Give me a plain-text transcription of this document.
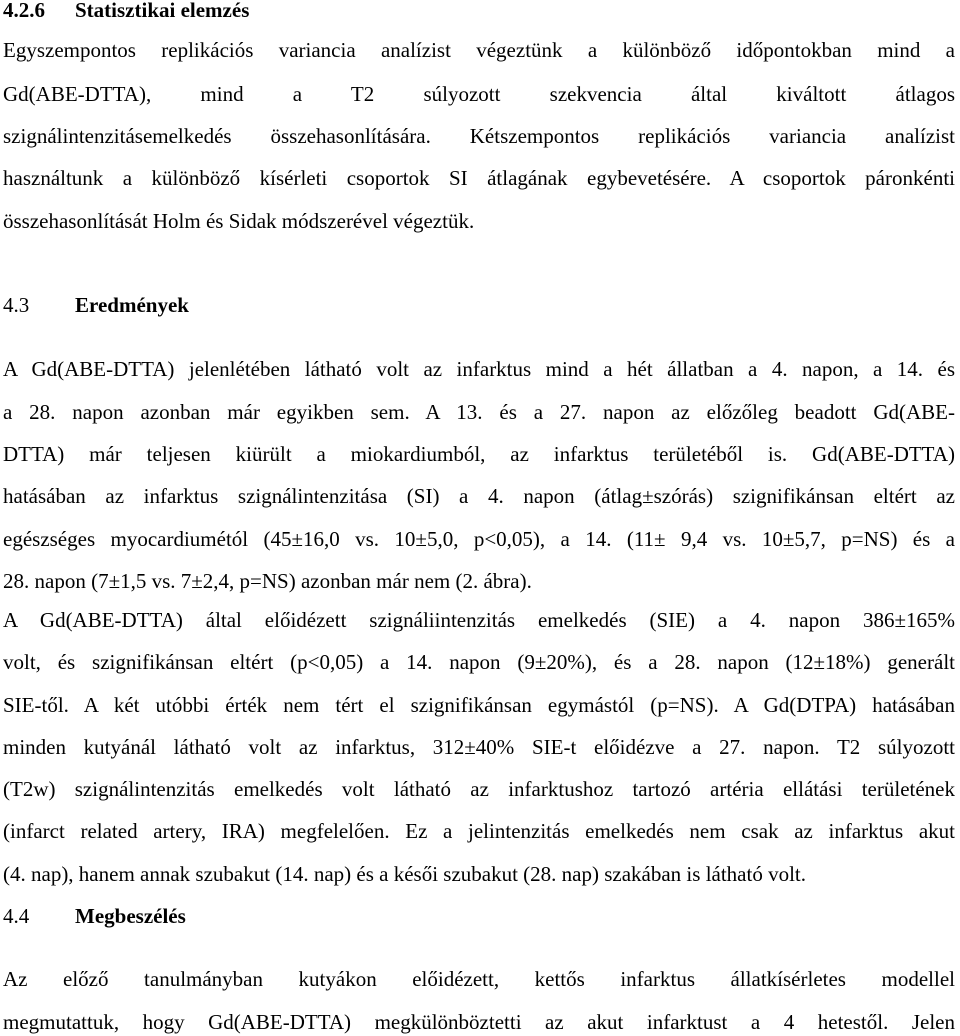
4.2.6 Statisztikai elemzés
Egyszempontos replikációs variancia analízist végeztünk a különböző időpontokban mind a
Gd(ABE-DTTA), mind a T2 súlyozott szekvencia által kiváltott átlagos
szignálintenzitásemelkedés összehasonlítására. Kétszempontos replikációs variancia analízist
használtunk a különböző kísérleti csoportok SI átlagának egybevetésére. A csoportok páronkénti
összehasonlítását Holm és Sidak módszerével végeztük.
4.3 Eredmények
A Gd(ABE-DTTA) jelenlétében látható volt az infarktus mind a hét állatban a 4. napon, a 14. és
a 28. napon azonban már egyikben sem. A 13. és a 27. napon az előzőleg beadott Gd(ABE-
DTTA) már teljesen kiürült a miokardiumból, az infarktus területéből is. Gd(ABE-DTTA)
hatásában az infarktus szignálintenzitása (SI) a 4. napon (átlag±szórás) szignifikánsan eltért az
egészséges myocardiumétól (45±16,0 vs. 10±5,0, p<0,05), a 14. (11± 9,4 vs. 10±5,7, p=NS) és a
28. napon (7±1,5 vs. 7±2,4, p=NS) azonban már nem (2. ábra).
A Gd(ABE-DTTA) által előidézett szignáliintenzitás emelkedés (SIE) a 4. napon 386±165%
volt, és szignifikánsan eltért (p<0,05) a 14. napon (9±20%), és a 28. napon (12±18%) generált
SIE-től. A két utóbbi érték nem tért el szignifikánsan egymástól (p=NS). A Gd(DTPA) hatásában
minden kutyánál látható volt az infarktus, 312±40% SIE-t előidézve a 27. napon. T2 súlyozott
(T2w) szignálintenzitás emelkedés volt látható az infarktushoz tartozó artéria ellátási területének
(infarct related artery, IRA) megfelelően. Ez a jelintenzitás emelkedés nem csak az infarktus akut
(4. nap), hanem annak szubakut (14. nap) és a késői szubakut (28. nap) szakában is látható volt.
4.4 Megbeszélés
Az előző tanulmányban kutyákon előidézett, kettős infarktus állatkísérletes modellel
megmutattuk, hogy Gd(ABE-DTTA) megkülönböztetti az akut infarktust a 4 hetestől. Jelen
